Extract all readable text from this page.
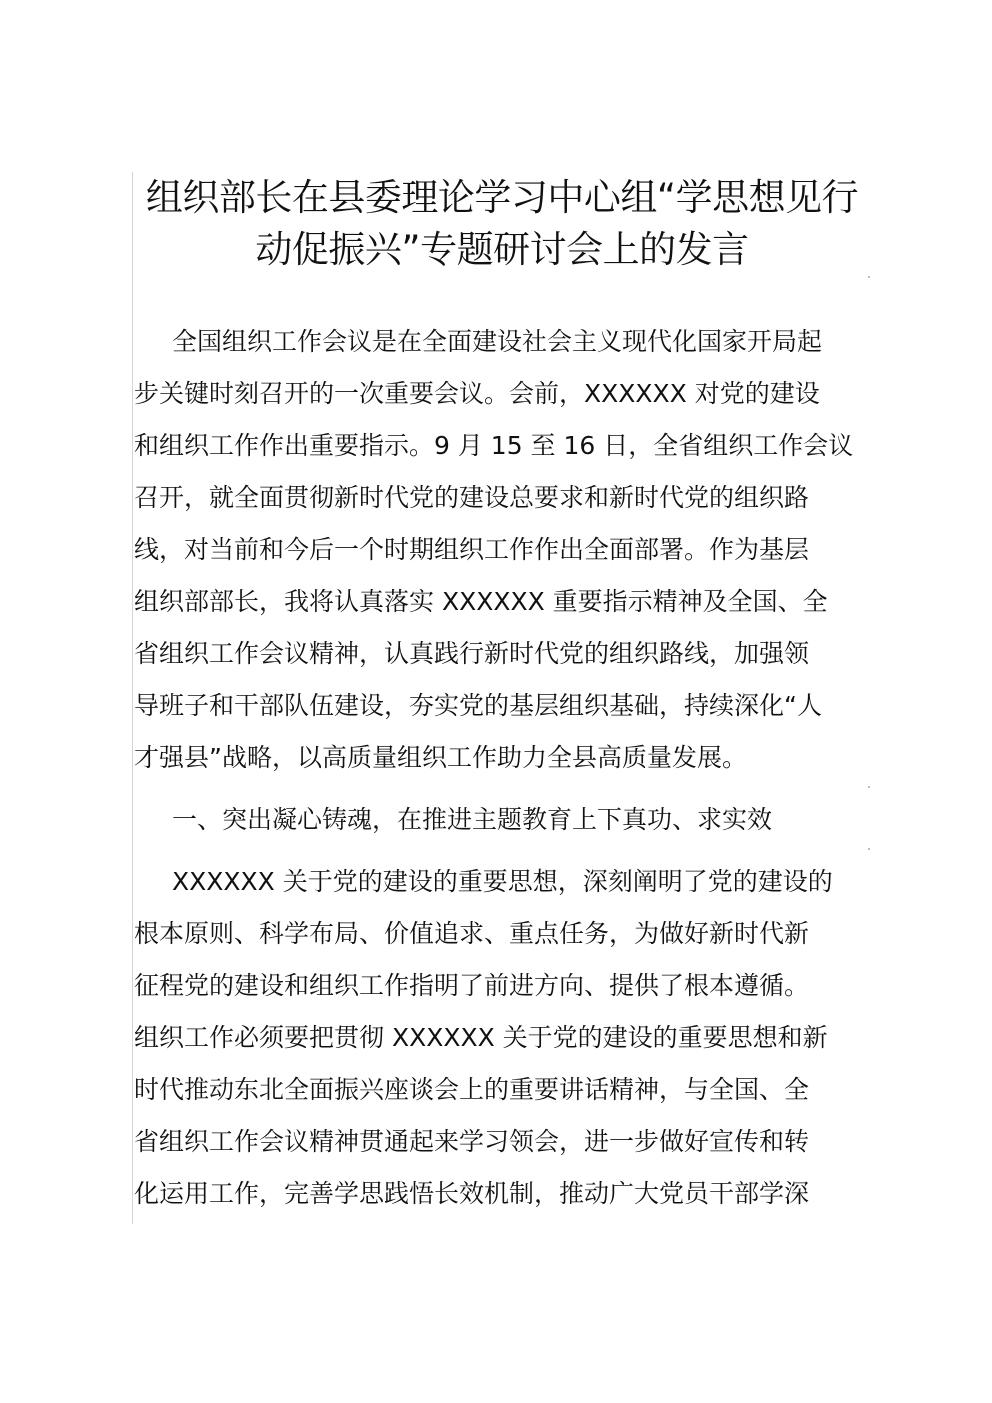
组织部长在县委理论学习中心组“学思想见行
动促振兴”专题研讨会上的发言
全国组织工作会议是在全面建设社会主义现代化国家开局起
步关键时刻召开的一次重要会议。会前，XXXXXX 对党的建设
和组织工作作出重要指示。9 月 15 至 16 日，全省组织工作会议
召开，就全面贯彻新时代党的建设总要求和新时代党的组织路
线，对当前和今后一个时期组织工作作出全面部署。作为基层
组织部部长，我将认真落实 XXXXXX 重要指示精神及全国、全
省组织工作会议精神，认真践行新时代党的组织路线，加强领
导班子和干部队伍建设，夯实党的基层组织基础，持续深化“人
才强县”战略，以高质量组织工作助力全县高质量发展。
一、突出凝心铸魂，在推进主题教育上下真功、求实效
XXXXXX 关于党的建设的重要思想，深刻阐明了党的建设的
根本原则、科学布局、价值追求、重点任务，为做好新时代新
征程党的建设和组织工作指明了前进方向、提供了根本遵循。
组织工作必须要把贯彻 XXXXXX 关于党的建设的重要思想和新
时代推动东北全面振兴座谈会上的重要讲话精神，与全国、全
省组织工作会议精神贯通起来学习领会，进一步做好宣传和转
化运用工作，完善学思践悟长效机制，推动广大党员干部学深
